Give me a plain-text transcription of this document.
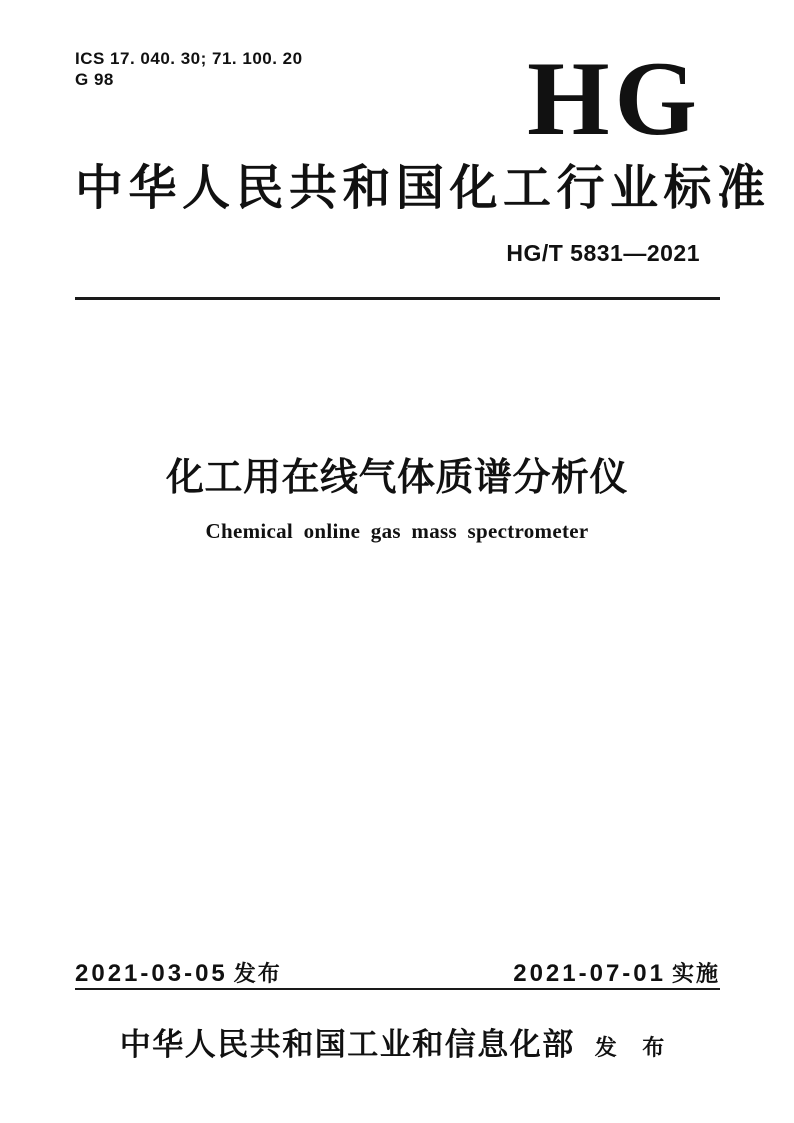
ICS 17. 040. 30; 71. 100. 20
G 98	HG
中华人民共和国化工行业标准
HG/T 5831—2021
化工用在线气体质谱分析仪
Chemical online gas mass spectrometer
2021-03-05 发布	2021-07-01 实施
中华人民共和国工业和信息化部 发 布
